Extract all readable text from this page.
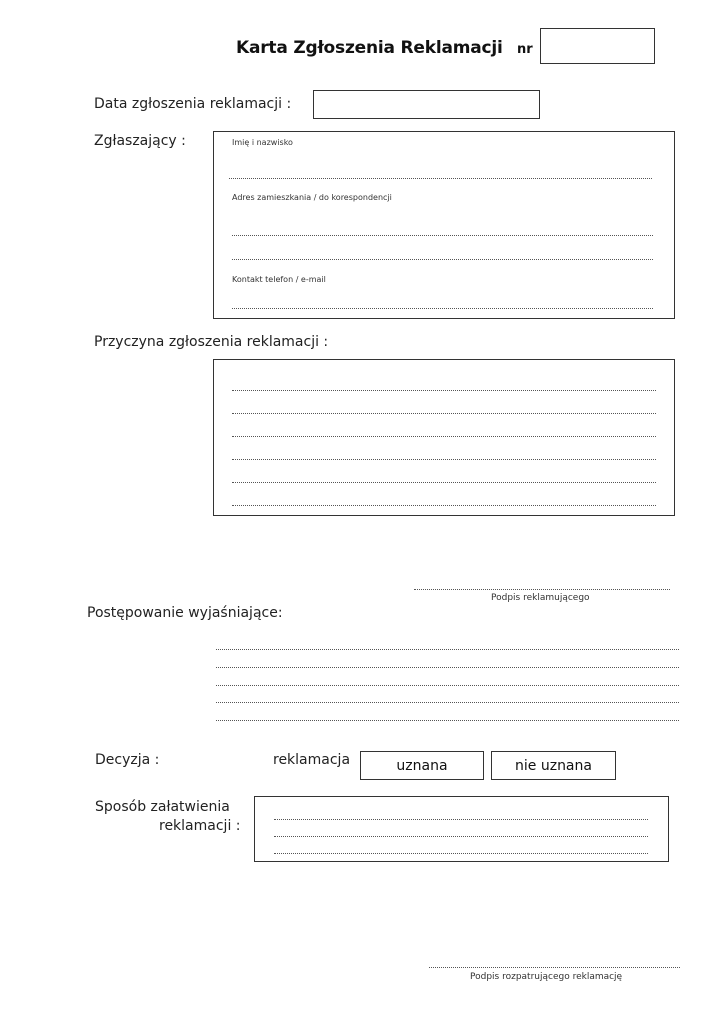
Karta Zgłoszenia Reklamacji nr
Data zgłoszenia reklamacji :
Zgłaszający :	Imię i nazwisko
Adres zamieszkania / do korespondencji
Kontakt telefon / e-mail
Przyczyna zgłoszenia reklamacji :
Podpis reklamującego
Postępowanie wyjaśniające:
Decyzja :	reklamacja	uznana	nie uznana
Sposób załatwienia
reklamacji :
Podpis rozpatrującego reklamację
